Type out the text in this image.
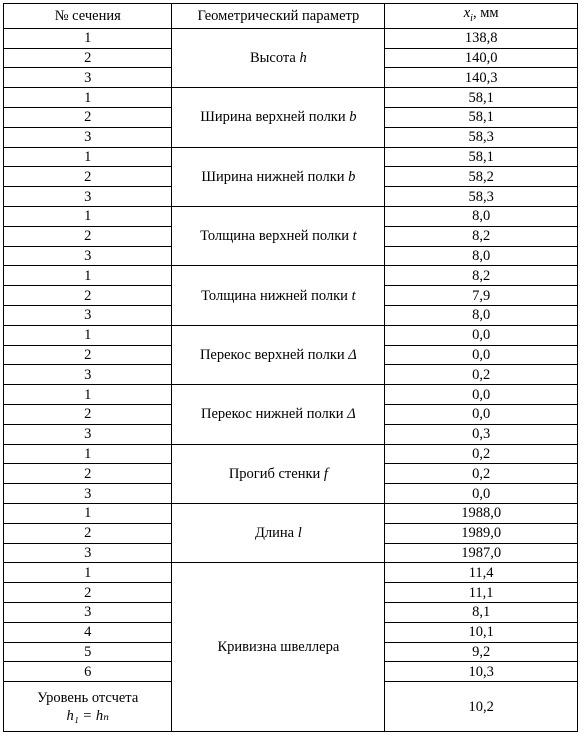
№ сечения	Геометрический параметр	$x_i$, мм
1	Высота h	138,8
2		140,0
3		140,3
1	Ширина верхней полки b	58,1
2		58,1
3		58,3
1	Ширина нижней полки b	58,1
2		58,2
3		58,3
1	Толщина верхней полки t	8,0
2		8,2
3		8,0
1	Толщина нижней полки t	8,2
2		7,9
3		8,0
1	Перекос верхней полки Δ	0,0
2		0,0
3		0,2
1	Перекос нижней полки Δ	0,0
2		0,0
3		0,3
1	Прогиб стенки f	0,2
2		0,2
3		0,0
1	Длина l	1988,0
2		1989,0
3		1987,0
1	Кривизна швеллера	11,4
2		11,1
3		8,1
4		10,1
5		9,2
6		10,3

Уровень отсчета
h₁ = hₙ		10,2
